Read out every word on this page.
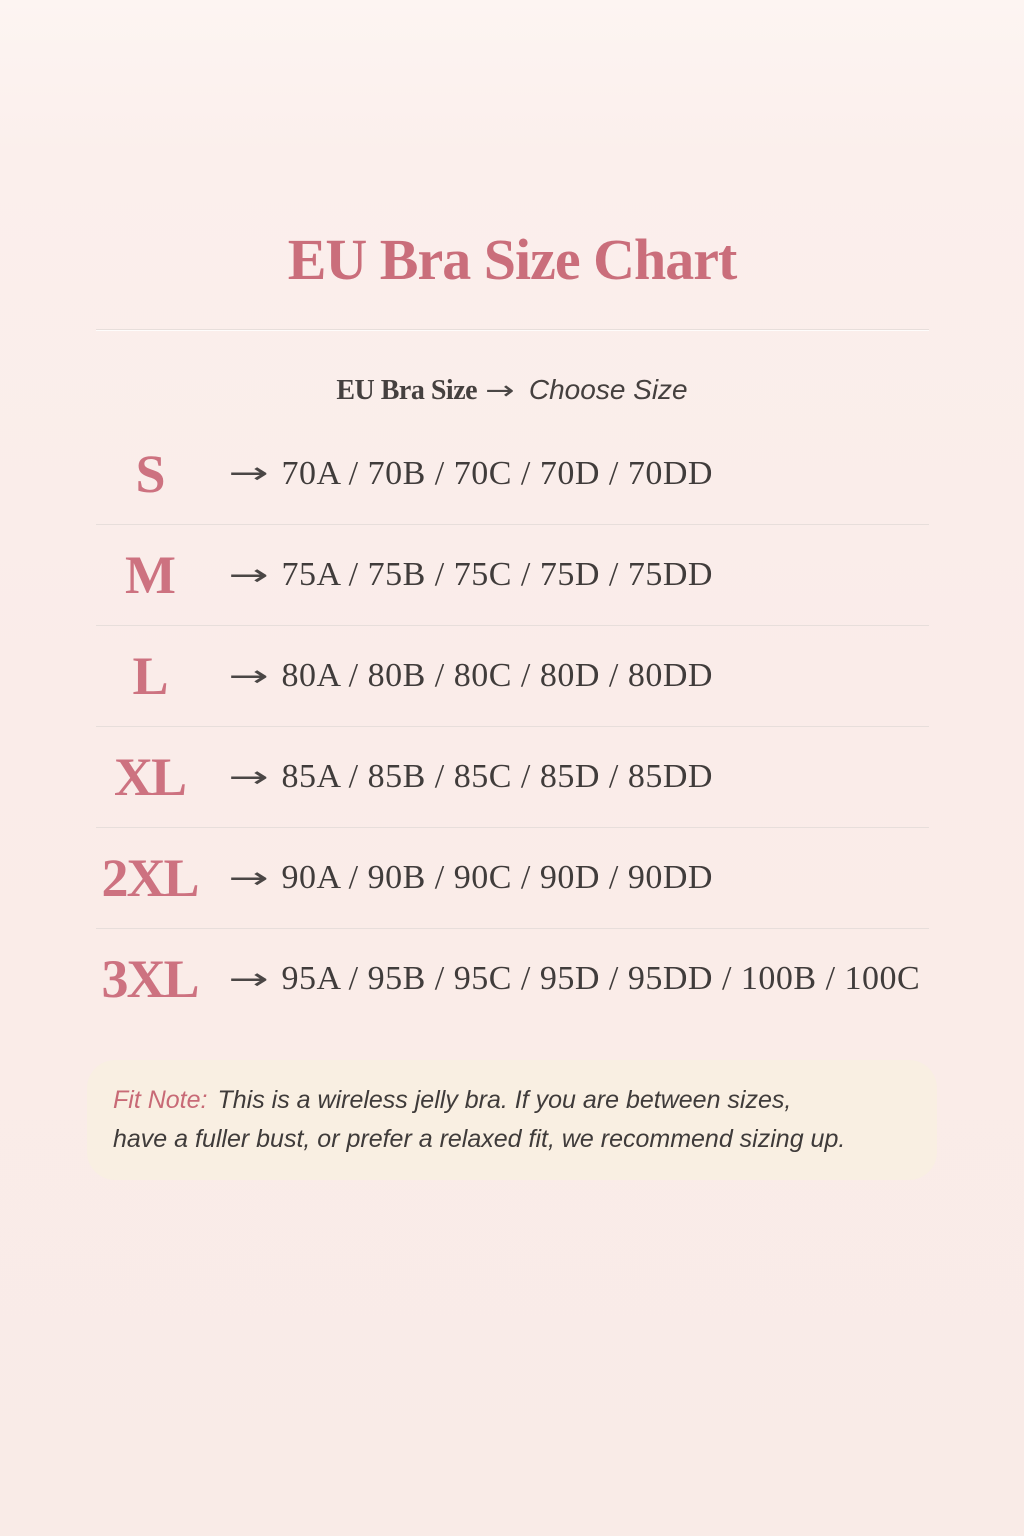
EU Bra Size Chart
EU Bra Size → Choose Size
S	→ 70A / 70B / 70C / 70D / 70DD
M	→ 75A / 75B / 75C / 75D / 75DD
L	→ 80A / 80B / 80C / 80D / 80DD
XL	→ 85A / 85B / 85C / 85D / 85DD
2XL	→ 90A / 90B / 90C / 90D / 90DD
3XL	→ 95A / 95B / 95C / 95D / 95DD / 100B / 100C
Fit Note: This is a wireless jelly bra. If you are between sizes,
have a fuller bust, or prefer a relaxed fit, we recommend sizing up.
